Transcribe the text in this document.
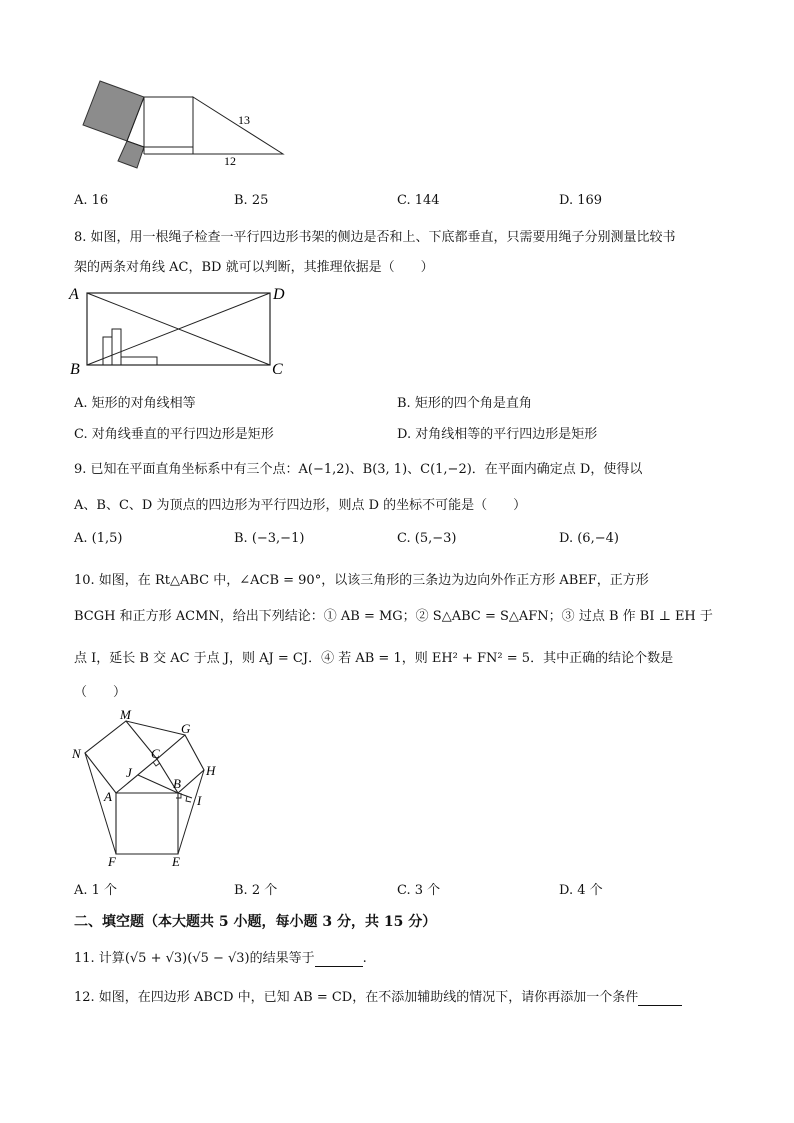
13
12
A. 16	B. 25	C. 144	D. 169
8. 如图，用一根绳子检查一平行四边形书架的侧边是否和上、下底都垂直，只需要用绳子分别测量比较书
架的两条对角线 AC，BD 就可以判断，其推理依据是（　　）
A	D
B	C
A. 矩形的对角线相等	B. 矩形的四个角是直角
C. 对角线垂直的平行四边形是矩形	D. 对角线相等的平行四边形是矩形
9. 已知在平面直角坐标系中有三个点：A(−1,2)、B(3, 1)、C(1,−2)．在平面内确定点 D，使得以
A、B、C、D 为顶点的四边形为平行四边形，则点 D 的坐标不可能是（　　）
A. (1,5)	B. (−3,−1)	C. (5,−3)	D. (6,−4)
10. 如图，在 Rt△ABC 中，∠ACB = 90°，以该三角形的三条边为边向外作正方形 ABEF，正方形
BCGH 和正方形 ACMN，给出下列结论：① AB = MG；② S△ABC = S△AFN；③ 过点 B 作 BI ⊥ EH 于
点 I，延长 B 交 AC 于点 J，则 AJ = CJ．④ 若 AB = 1，则 EH² + FN² = 5．其中正确的结论个数是
（　　）
M
G
C
N
J	H
B
A	I
F	E
A. 1 个	B. 2 个	C. 3 个	D. 4 个
二、填空题（本大题共 5 小题，每小题 3 分，共 15 分）
11. 计算(√5 + √3)(√5 − √3)的结果等于	.
12. 如图，在四边形 ABCD 中，已知 AB = CD，在不添加辅助线的情况下，请你再添加一个条件
